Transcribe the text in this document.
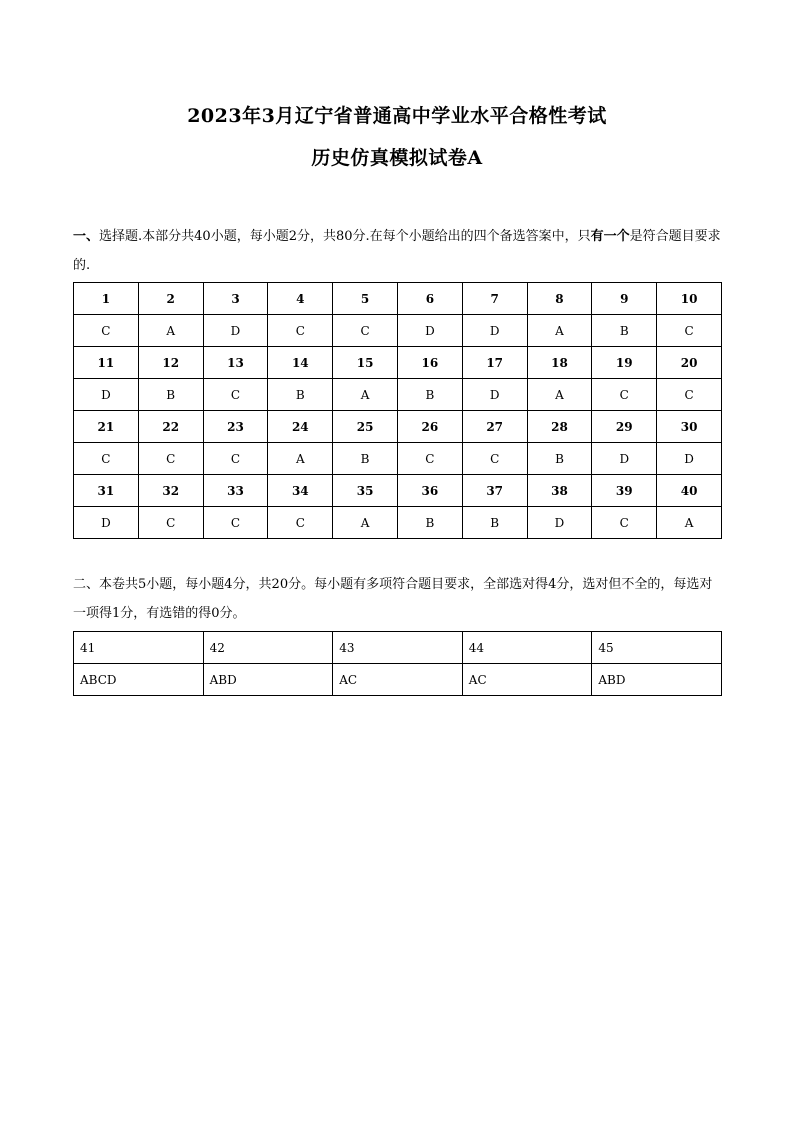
2023年3月辽宁省普通高中学业水平合格性考试
历史仿真模拟试卷A
一、选择题.本部分共40小题，每小题2分，共80分.在每个小题给出的四个备选答案中，只有一个是符合题目要求的.
1	2	3	4	5	6	7	8	9	10
C	A	D	C	C	D	D	A	B	C
11	12	13	14	15	16	17	18	19	20
D	B	C	B	A	B	D	A	C	C
21	22	23	24	25	26	27	28	29	30
C	C	C	A	B	C	C	B	D	D
31	32	33	34	35	36	37	38	39	40
D	C	C	C	A	B	B	D	C	A
二、本卷共5小题，每小题4分，共20分。每小题有多项符合题目要求，全部选对得4分，选对但不全的，每选对一项得1分，有选错的得0分。
41	42	43	44	45
ABCD	ABD	AC	AC	ABD
